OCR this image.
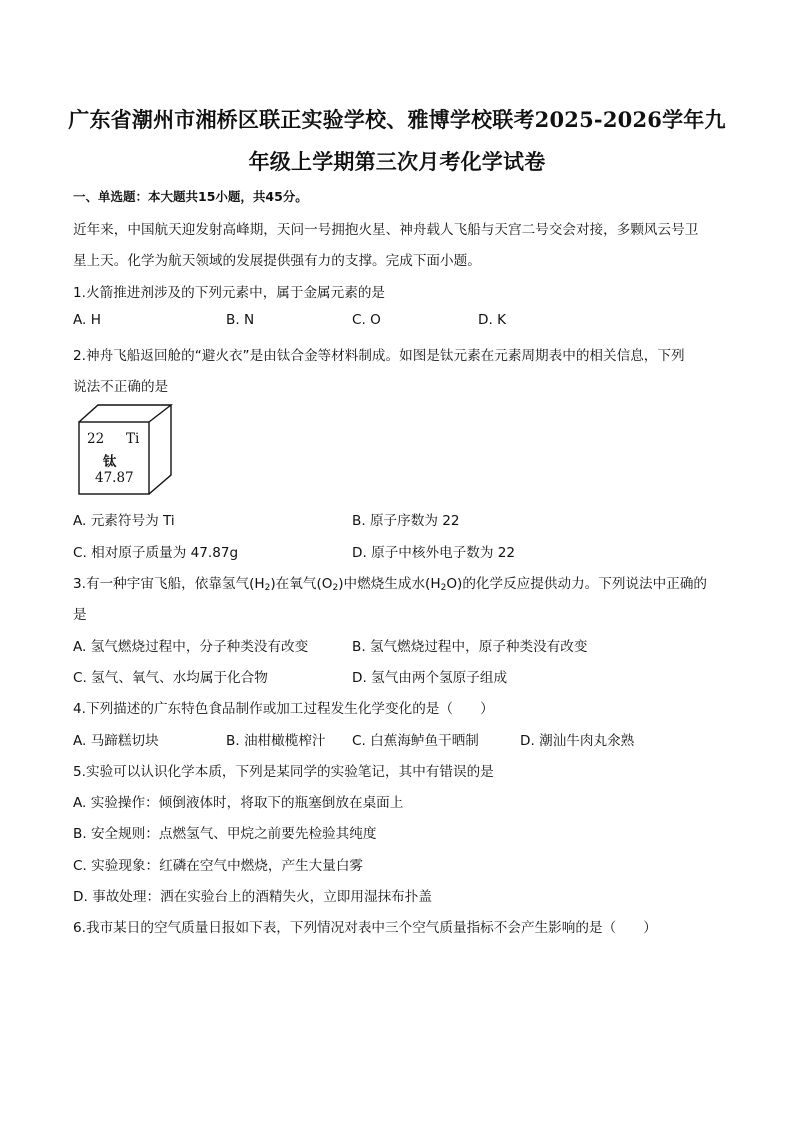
广东省潮州市湘桥区联正实验学校、雅博学校联考2025-2026学年九
年级上学期第三次月考化学试卷
一、单选题：本大题共15小题，共45分。
近年来，中国航天迎发射高峰期，天问一号拥抱火星、神舟载人飞船与天宫二号交会对接，多颗风云号卫
星上天。化学为航天领域的发展提供强有力的支撑。完成下面小题。
1.火箭推进剂涉及的下列元素中，属于金属元素的是
A. H	B. N	C. O	D. K
2.神舟飞船返回舱的“避火衣”是由钛合金等材料制成。如图是钛元素在元素周期表中的相关信息，下列
说法不正确的是
22 Ti
钛
47.87
A. 元素符号为 Ti	B. 原子序数为 22
C. 相对原子质量为 47.87g	D. 原子中核外电子数为 22
3.有一种宇宙飞船，依靠氢气$(H_2)$在氧气$(O_2)$中燃烧生成水$(H_2O)$的化学反应提供动力。下列说法中正确的
是
A. 氢气燃烧过程中，分子种类没有改变	B. 氢气燃烧过程中，原子种类没有改变
C. 氢气、氧气、水均属于化合物	D. 氢气由两个氢原子组成
4.下列描述的广东特色食品制作或加工过程发生化学变化的是（　　）
A. 马蹄糕切块	B. 油柑橄榄榨汁 C. 白蕉海鲈鱼干晒制	D. 潮汕牛肉丸氽熟
5.实验可以认识化学本质，下列是某同学的实验笔记，其中有错误的是
A. 实验操作：倾倒液体时，将取下的瓶塞倒放在桌面上
B. 安全规则：点燃氢气、甲烷之前要先检验其纯度
C. 实验现象：红磷在空气中燃烧，产生大量白雾
D. 事故处理：洒在实验台上的酒精失火，立即用湿抹布扑盖
6.我市某日的空气质量日报如下表，下列情况对表中三个空气质量指标不会产生影响的是（　　）
